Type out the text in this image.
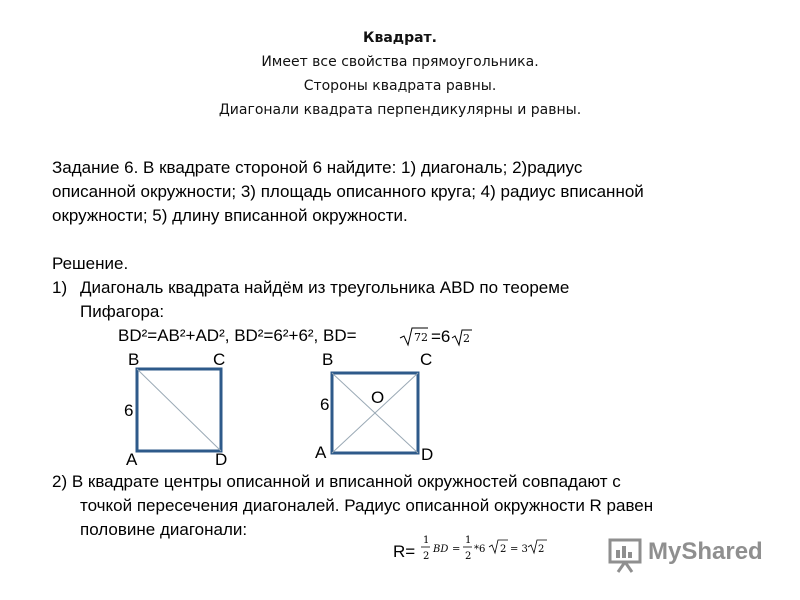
Квадрат.
Имеет все свойства прямоугольника.
Стороны квадрата равны.
Диагонали квадрата перпендикулярны и равны.
Задание 6. В квадрате стороной 6 найдите: 1) диагональ; 2)радиус
описанной окружности; 3) площадь описанного круга; 4) радиус вписанной
окружности; 5) длину вписанной окружности.
Решение.
1) Диагональ квадрата найдём из треугольника ABD по теореме
Пифагора:
BD²=AB²+AD², BD²=6²+6², BD=	72 =6 2
B	C
6
A	D
B	C
6 O
A	D
2) В квадрате центры описанной и вписанной окружностей совпадают с
точкой пересечения диагоналей. Радиус описанной окружности R равен
половине диагонали:
R=
1
2
BD =
1
2
*6 2 = 3 2	MyShared
